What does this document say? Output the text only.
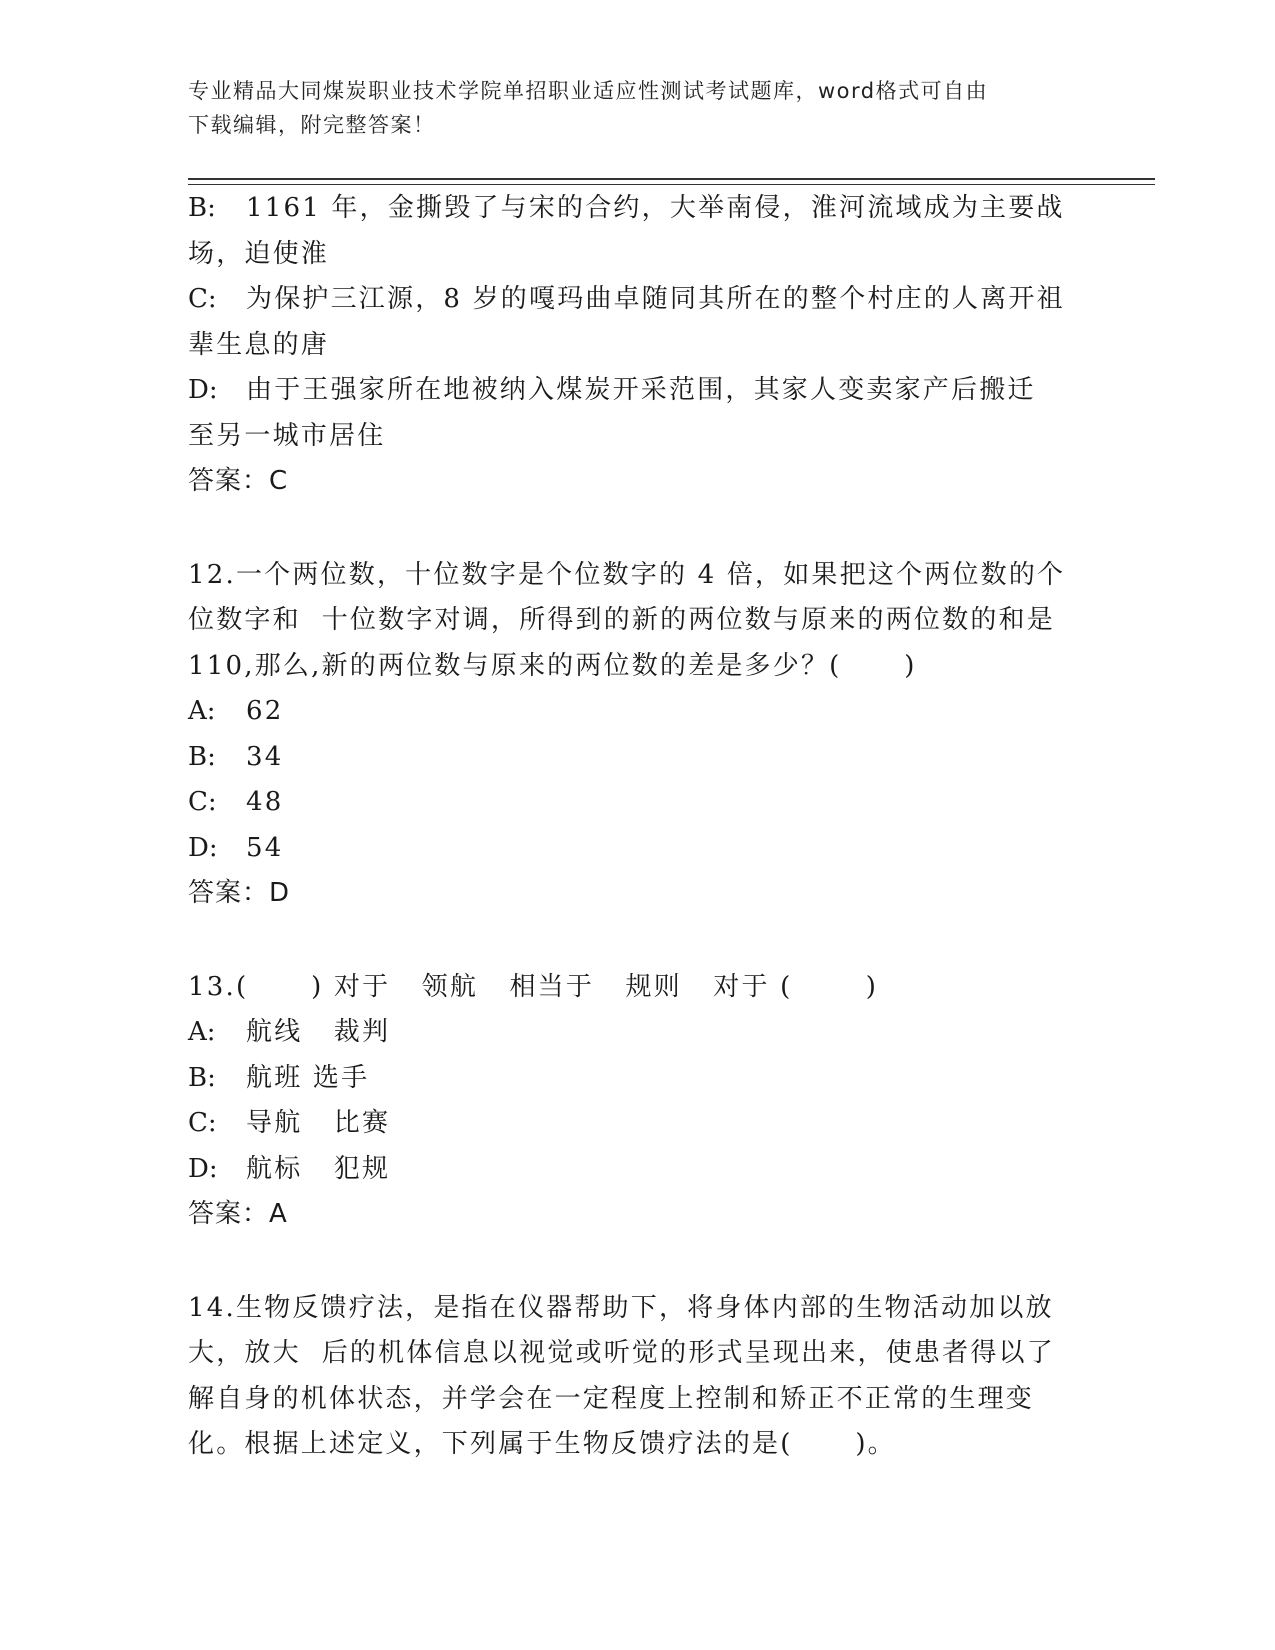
专业精品大同煤炭职业技术学院单招职业适应性测试考试题库，word格式可自由
下载编辑，附完整答案！
B: 1161 年，金撕毁了与宋的合约，大举南侵，淮河流域成为主要战
场，迫使淮
C: 为保护三江源，8 岁的嘎玛曲卓随同其所在的整个村庄的人离开祖
辈生息的唐
D: 由于王强家所在地被纳入煤炭开采范围，其家人变卖家产后搬迁
至另一城市居住
答案：C
12.一个两位数，十位数字是个位数字的 4 倍，如果把这个两位数的个
位数字和  十位数字对调，所得到的新的两位数与原来的两位数的和是
110,那么,新的两位数与原来的两位数的差是多少？(      )
A: 62
B: 34
C: 48
D: 54
答案：D
13.(      ) 对于   领航   相当于   规则   对于 (       )
A: 航线   裁判
B: 航班 选手
C: 导航   比赛
D: 航标   犯规
答案：A
14.生物反馈疗法，是指在仪器帮助下，将身体内部的生物活动加以放
大，放大  后的机体信息以视觉或听觉的形式呈现出来，使患者得以了
解自身的机体状态，并学会在一定程度上控制和矫正不正常的生理变
化。根据上述定义，下列属于生物反馈疗法的是(      )。
